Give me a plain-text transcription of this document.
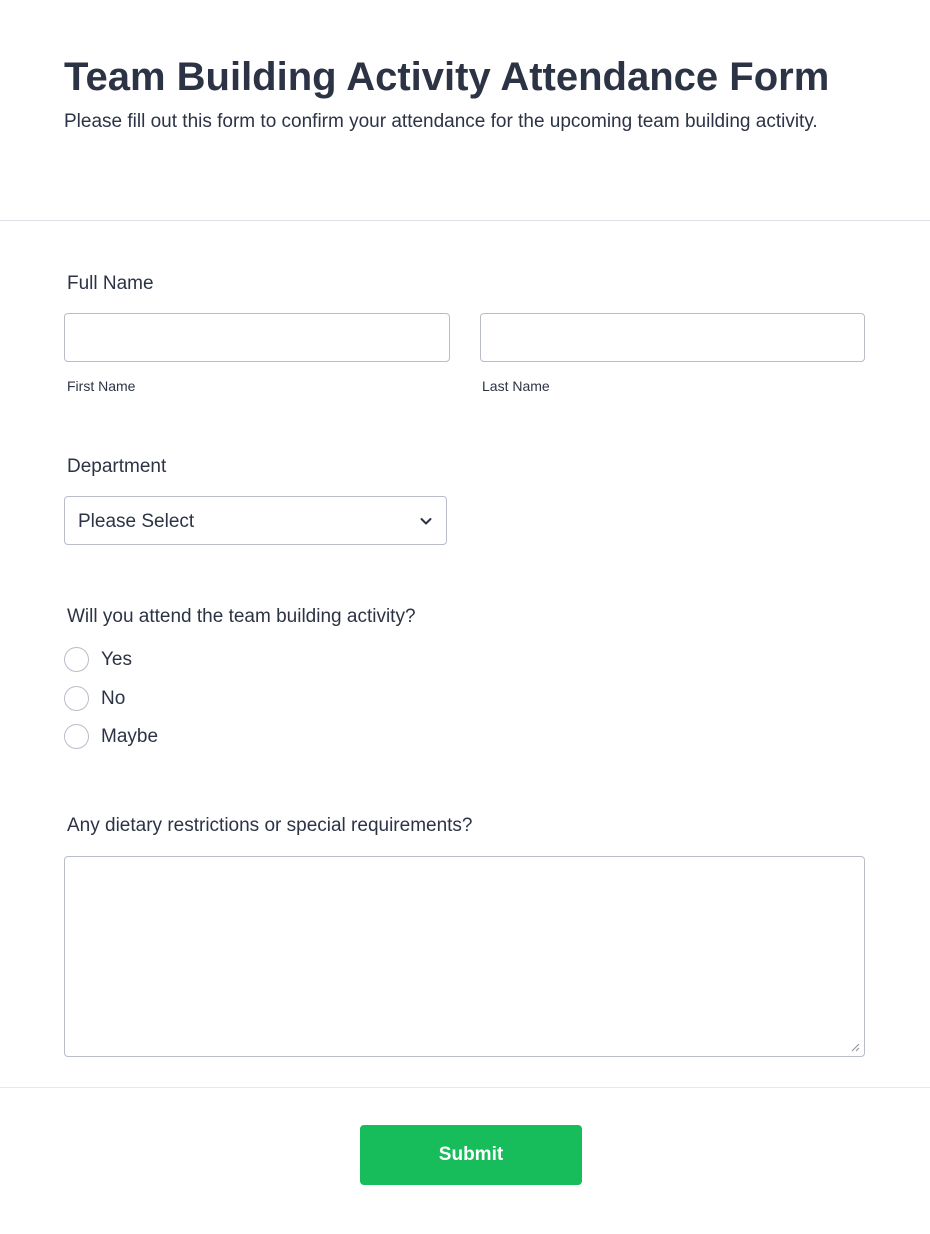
Team Building Activity Attendance Form

Please fill out this form to confirm your attendance for the upcoming team building activity.

Full Name
First Name	Last Name
Department
Please Select
Will you attend the team building activity?
Yes
No
Maybe
Any dietary restrictions or special requirements?
Submit
